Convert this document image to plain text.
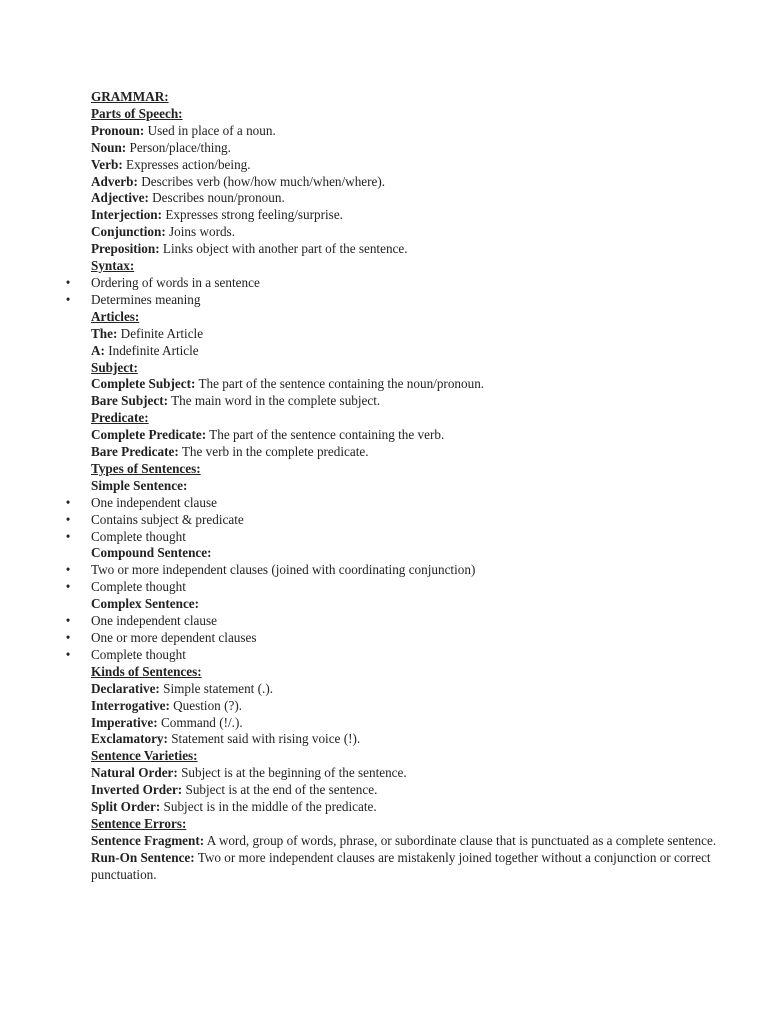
GRAMMAR:
Parts of Speech:
Pronoun: Used in place of a noun.
Noun: Person/place/thing.
Verb: Expresses action/being.
Adverb: Describes verb (how/how much/when/where).
Adjective: Describes noun/pronoun.
Interjection: Expresses strong feeling/surprise.
Conjunction: Joins words.
Preposition: Links object with another part of the sentence.
Syntax:
• Ordering of words in a sentence
• Determines meaning
Articles:
The: Definite Article
A: Indefinite Article
Subject:
Complete Subject: The part of the sentence containing the noun/pronoun.
Bare Subject: The main word in the complete subject.
Predicate:
Complete Predicate: The part of the sentence containing the verb.
Bare Predicate: The verb in the complete predicate.
Types of Sentences:
Simple Sentence:
• One independent clause
• Contains subject & predicate
• Complete thought
Compound Sentence:
• Two or more independent clauses (joined with coordinating conjunction)
• Complete thought
Complex Sentence:
• One independent clause
• One or more dependent clauses
• Complete thought
Kinds of Sentences:
Declarative: Simple statement (.).
Interrogative: Question (?).
Imperative: Command (!/.).
Exclamatory: Statement said with rising voice (!).
Sentence Varieties:
Natural Order: Subject is at the beginning of the sentence.
Inverted Order: Subject is at the end of the sentence.
Split Order: Subject is in the middle of the predicate.
Sentence Errors:
Sentence Fragment: A word, group of words, phrase, or subordinate clause that is punctuated as a complete sentence.
Run-On Sentence: Two or more independent clauses are mistakenly joined together without a conjunction or correct punctuation.
